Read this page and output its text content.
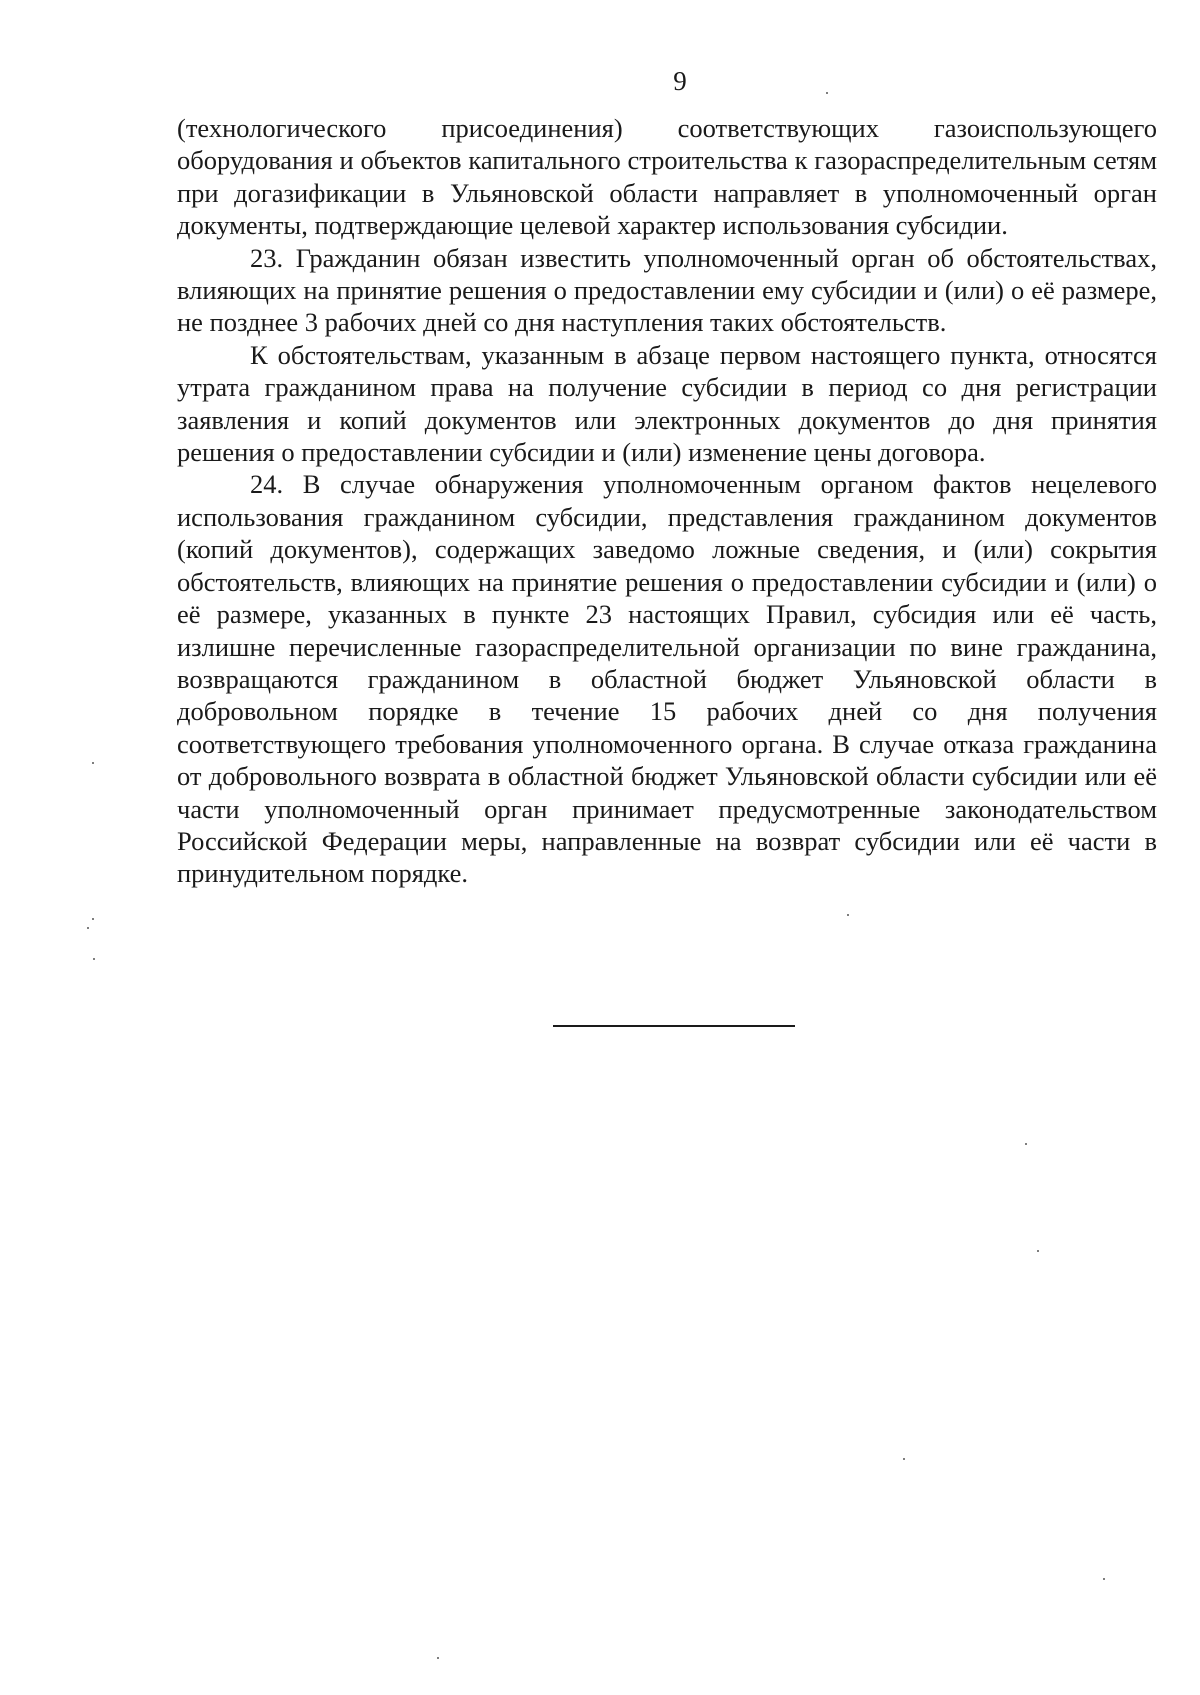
9

(технологического присоединения) соответствующих газоиспользующего оборудования и объектов капитального строительства к газораспределительным сетям при догазификации в Ульяновской области направляет в уполномоченный орган документы, подтверждающие целевой характер использования субсидии.

23. Гражданин обязан известить уполномоченный орган об обстоятельствах, влияющих на принятие решения о предоставлении ему субсидии и (или) о её размере, не позднее 3 рабочих дней со дня наступления таких обстоятельств.

К обстоятельствам, указанным в абзаце первом настоящего пункта, относятся утрата гражданином права на получение субсидии в период со дня регистрации заявления и копий документов или электронных документов до дня принятия решения о предоставлении субсидии и (или) изменение цены договора.

24. В случае обнаружения уполномоченным органом фактов нецелевого использования гражданином субсидии, представления гражданином документов (копий документов), содержащих заведомо ложные сведения, и (или) сокрытия обстоятельств, влияющих на принятие решения о предоставлении субсидии и (или) о её размере, указанных в пункте 23 настоящих Правил, субсидия или её часть, излишне перечисленные газораспределительной организации по вине гражданина, возвращаются гражданином в областной бюджет Ульяновской области в добровольном порядке в течение 15 рабочих дней со дня получения соответствующего требования уполномоченного органа. В случае отказа гражданина от добровольного возврата в областной бюджет Ульяновской области субсидии или её части уполномоченный орган принимает предусмотренные законодательством Российской Федерации меры, направленные на возврат субсидии или её части в принудительном порядке.
